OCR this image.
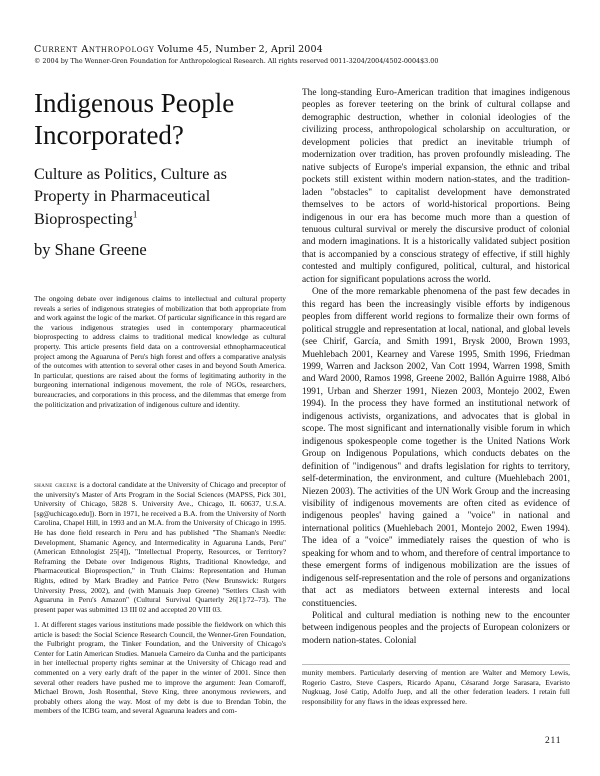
Current Anthropology Volume 45, Number 2, April 2004
© 2004 by The Wenner-Gren Foundation for Anthropological Research. All rights reserved 0011-3204/2004/4502-0004$3.00
Indigenous People Incorporated?
Culture as Politics, Culture as Property in Pharmaceutical Bioprospecting$^1$
by Shane Greene

The ongoing debate over indigenous claims to intellectual and cultural property reveals a series of indigenous strategies of mobilization that both appropriate from and work against the logic of the market. Of particular significance in this regard are the various indigenous strategies used in contemporary pharmaceutical bioprospecting to address claims to traditional medical knowledge as cultural property. This article presents field data on a controversial ethnopharmaceutical project among the Aguaruna of Peru's high forest and offers a comparative analysis of the outcomes with attention to several other cases in and beyond South America. In particular, questions are raised about the forms of legitimating authority in the burgeoning international indigenous movement, the role of NGOs, researchers, bureaucracies, and corporations in this process, and the dilemmas that emerge from the politicization and privatization of indigenous culture and identity.

shane greene is a doctoral candidate at the University of Chicago and preceptor of the university's Master of Arts Program in the Social Sciences (MAPSS, Pick 301, University of Chicago, 5828 S. University Ave., Chicago, IL 60637, U.S.A. [sg@uchicago.edu]). Born in 1971, he received a B.A. from the University of North Carolina, Chapel Hill, in 1993 and an M.A. from the University of Chicago in 1995. He has done field research in Peru and has published "The Shaman's Needle: Development, Shamanic Agency, and Intermedicality in Aguaruna Lands, Peru" (American Ethnologist 25[4]), "Intellectual Property, Resources, or Territory? Reframing the Debate over Indigenous Rights, Traditional Knowledge, and Pharmaceutical Bioprospection," in Truth Claims: Representation and Human Rights, edited by Mark Bradley and Patrice Petro (New Brunswick: Rutgers University Press, 2002), and (with Manuais Juep Greene) "Settlers Clash with Aguaruna in Peru's Amazon" (Cultural Survival Quarterly 26[1]:72–73). The present paper was submitted 13 III 02 and accepted 20 VIII 03.

1. At different stages various institutions made possible the fieldwork on which this article is based: the Social Science Research Council, the Wenner-Gren Foundation, the Fulbright program, the Tinker Foundation, and the University of Chicago's Center for Latin American Studies. Manuela Carneiro da Cunha and the participants in her intellectual property rights seminar at the University of Chicago read and commented on a very early draft of the paper in the winter of 2001. Since then several other readers have pushed me to improve the argument: Jean Comaroff, Michael Brown, Josh Rosenthal, Steve King, three anonymous reviewers, and probably others along the way. Most of my debt is due to Brendan Tobin, the members of the ICBG team, and several Aguaruna leaders and com-

The long-standing Euro-American tradition that imagines indigenous peoples as forever teetering on the brink of cultural collapse and demographic destruction, whether in colonial ideologies of the civilizing process, anthropological scholarship on acculturation, or development policies that predict an inevitable triumph of modernization over tradition, has proven profoundly misleading. The native subjects of Europe's imperial expansion, the ethnic and tribal pockets still existent within modern nation-states, and the tradition-laden "obstacles" to capitalist development have demonstrated themselves to be actors of world-historical proportions. Being indigenous in our era has become much more than a question of tenuous cultural survival or merely the discursive product of colonial and modern imaginations. It is a historically validated subject position that is accompanied by a conscious strategy of effective, if still highly contested and multiply configured, political, cultural, and historical action for significant populations across the world.

One of the more remarkable phenomena of the past few decades in this regard has been the increasingly visible efforts by indigenous peoples from different world regions to formalize their own forms of political struggle and representation at local, national, and global levels (see Chirif, García, and Smith 1991, Brysk 2000, Brown 1993, Muehlebach 2001, Kearney and Varese 1995, Smith 1996, Friedman 1999, Warren and Jackson 2002, Van Cott 1994, Warren 1998, Smith and Ward 2000, Ramos 1998, Greene 2002, Ballón Aguirre 1988, Albó 1991, Urban and Sherzer 1991, Niezen 2003, Montejo 2002, Ewen 1994). In the process they have formed an institutional network of indigenous activists, organizations, and advocates that is global in scope. The most significant and internationally visible forum in which indigenous spokespeople come together is the United Nations Work Group on Indigenous Populations, which conducts debates on the definition of "indigenous" and drafts legislation for rights to territory, self-determination, the environment, and culture (Muehlebach 2001, Niezen 2003). The activities of the UN Work Group and the increasing visibility of indigenous movements are often cited as evidence of indigenous peoples' having gained a "voice" in national and international politics (Muehlebach 2001, Montejo 2002, Ewen 1994). The idea of a "voice" immediately raises the question of who is speaking for whom and to whom, and therefore of central importance to these emergent forms of indigenous mobilization are the issues of indigenous self-representation and the role of persons and organizations that act as mediators between external interests and local constituencies.

Political and cultural mediation is nothing new to the encounter between indigenous peoples and the projects of European colonizers or modern nation-states. Colonial

munity members. Particularly deserving of mention are Walter and Memory Lewis, Rogerio Castro, Steve Caspers, Ricardo Apanu, Césarand Jorge Sarasara, Evaristo Nugkuag, José Catip, Adolfo Juep, and all the other federation leaders. I retain full responsibility for any flaws in the ideas expressed here.

211
